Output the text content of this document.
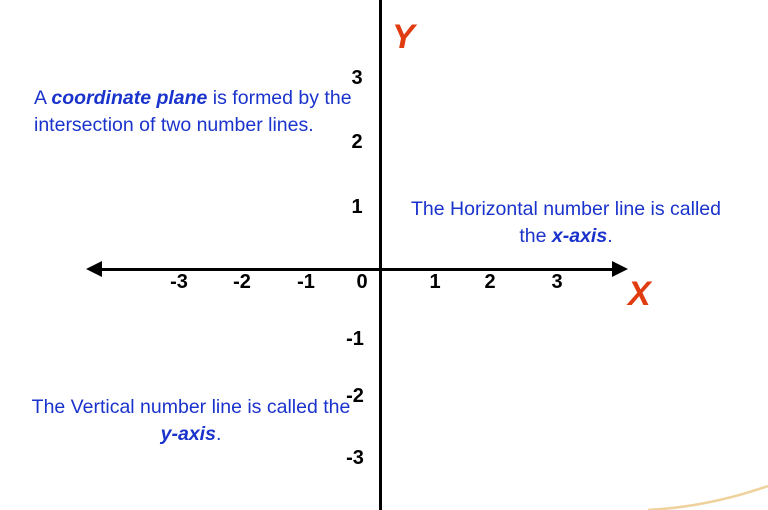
Y
X
-3	-2	-1	0	1	2	3
3
2
1
-1
-2
-3
A coordinate plane is formed by the intersection of two number lines.
The Horizontal number line is called the x-axis.
The Vertical number line is called the y-axis.
